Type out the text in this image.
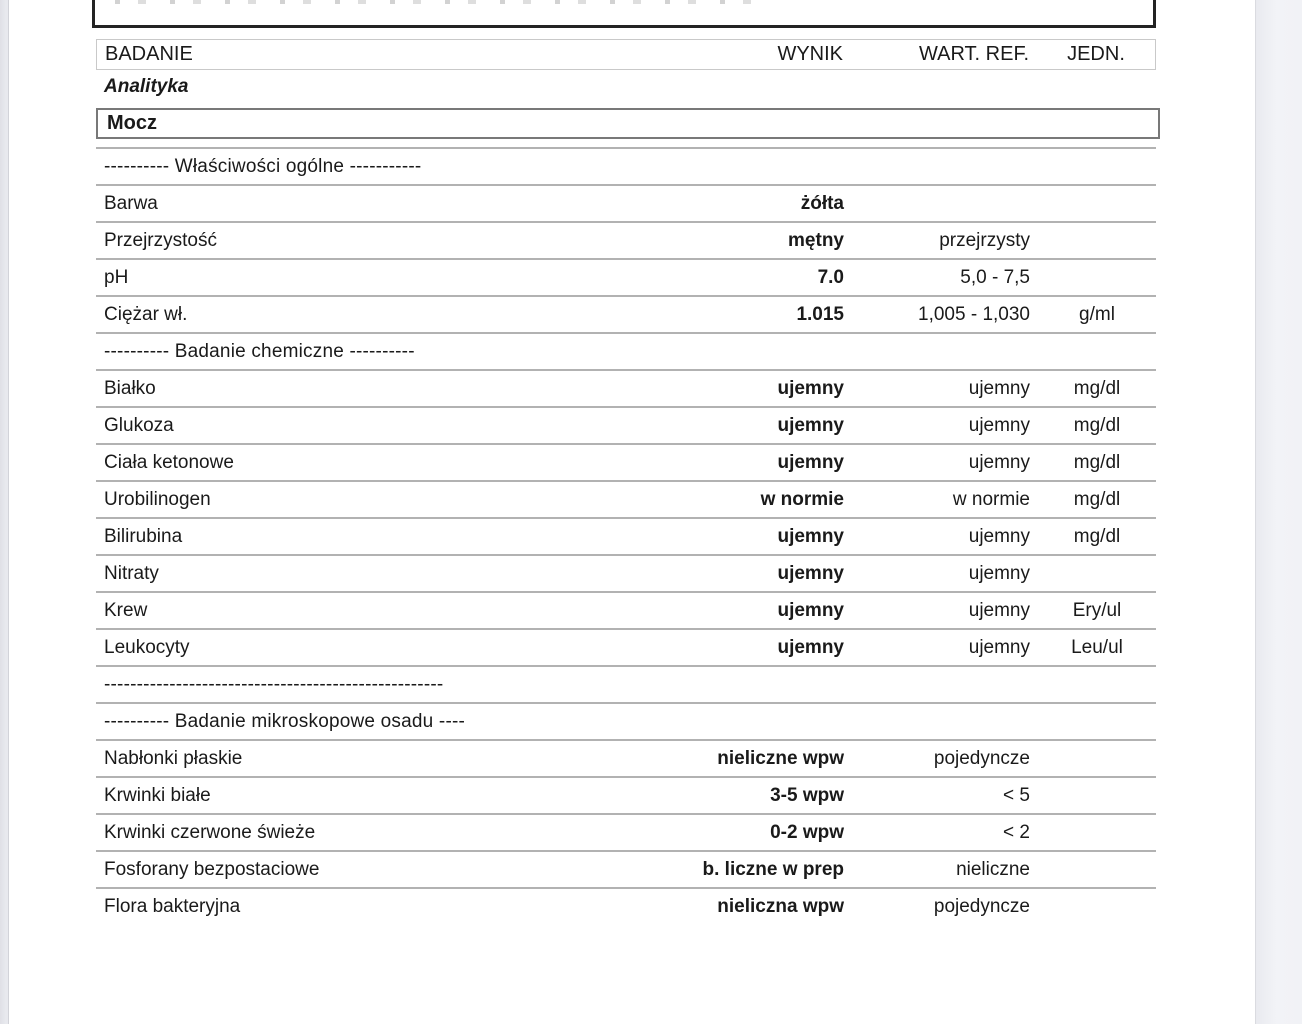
BADANIE	WYNIK	WART. REF.	JEDN.
Analityka
Mocz
---------- Właściwości ogólne -----------
Barwa	żółta
Przejrzystość	mętny	przejrzysty
pH	7.0	5,0 - 7,5
Ciężar wł.	1.015	1,005 - 1,030	g/ml
---------- Badanie chemiczne ----------
Białko	ujemny	ujemny	mg/dl
Glukoza	ujemny	ujemny	mg/dl
Ciała ketonowe	ujemny	ujemny	mg/dl
Urobilinogen	w normie	w normie	mg/dl
Bilirubina	ujemny	ujemny	mg/dl
Nitraty	ujemny	ujemny
Krew	ujemny	ujemny	Ery/ul
Leukocyty	ujemny	ujemny	Leu/ul
----------------------------------------------------
---------- Badanie mikroskopowe osadu ----
Nabłonki płaskie	nieliczne wpw	pojedyncze
Krwinki białe	3-5 wpw	< 5
Krwinki czerwone świeże	0-2 wpw	< 2
Fosforany bezpostaciowe	b. liczne w prep	nieliczne
Flora bakteryjna	nieliczna wpw	pojedyncze
